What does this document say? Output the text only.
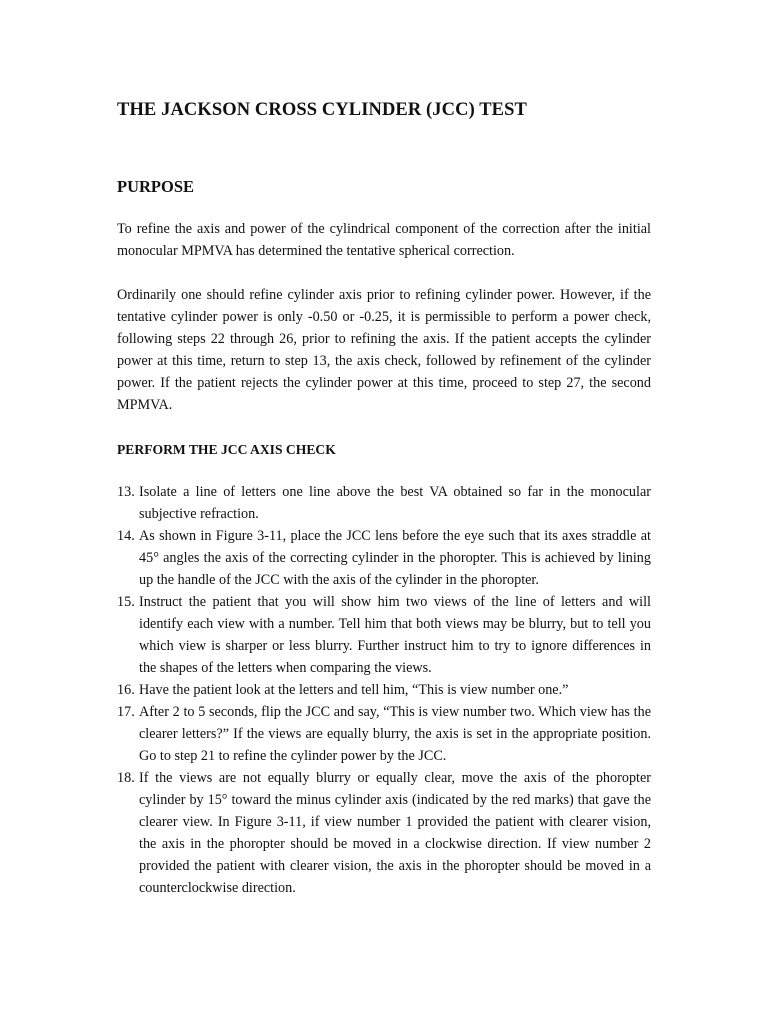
THE JACKSON CROSS CYLINDER (JCC) TEST
PURPOSE

To refine the axis and power of the cylindrical component of the correction after the initial monocular MPMVA has determined the tentative spherical correction.

Ordinarily one should refine cylinder axis prior to refining cylinder power. However, if the tentative cylinder power is only -0.50 or -0.25, it is permissible to perform a power check, following steps 22 through 26, prior to refining the axis. If the patient accepts the cylinder power at this time, return to step 13, the axis check, followed by refinement of the cylinder power. If the patient rejects the cylinder power at this time, proceed to step 27, the second MPMVA.

PERFORM THE JCC AXIS CHECK
13. Isolate a line of letters one line above the best VA obtained so far in the monocular subjective refraction.
14. As shown in Figure 3-11, place the JCC lens before the eye such that its axes straddle at 45° angles the axis of the correcting cylinder in the phoropter. This is achieved by lining up the handle of the JCC with the axis of the cylinder in the phoropter.
15. Instruct the patient that you will show him two views of the line of letters and will identify each view with a number. Tell him that both views may be blurry, but to tell you which view is sharper or less blurry. Further instruct him to try to ignore differences in the shapes of the letters when comparing the views.
16. Have the patient look at the letters and tell him, “This is view number one.”
17. After 2 to 5 seconds, flip the JCC and say, “This is view number two. Which view has the clearer letters?” If the views are equally blurry, the axis is set in the appropriate position. Go to step 21 to refine the cylinder power by the JCC.
18. If the views are not equally blurry or equally clear, move the axis of the phoropter cylinder by 15° toward the minus cylinder axis (indicated by the red marks) that gave the clearer view. In Figure 3-11, if view number 1 provided the patient with clearer vision, the axis in the phoropter should be moved in a clockwise direction. If view number 2 provided the patient with clearer vision, the axis in the phoropter should be moved in a counterclockwise direction.
